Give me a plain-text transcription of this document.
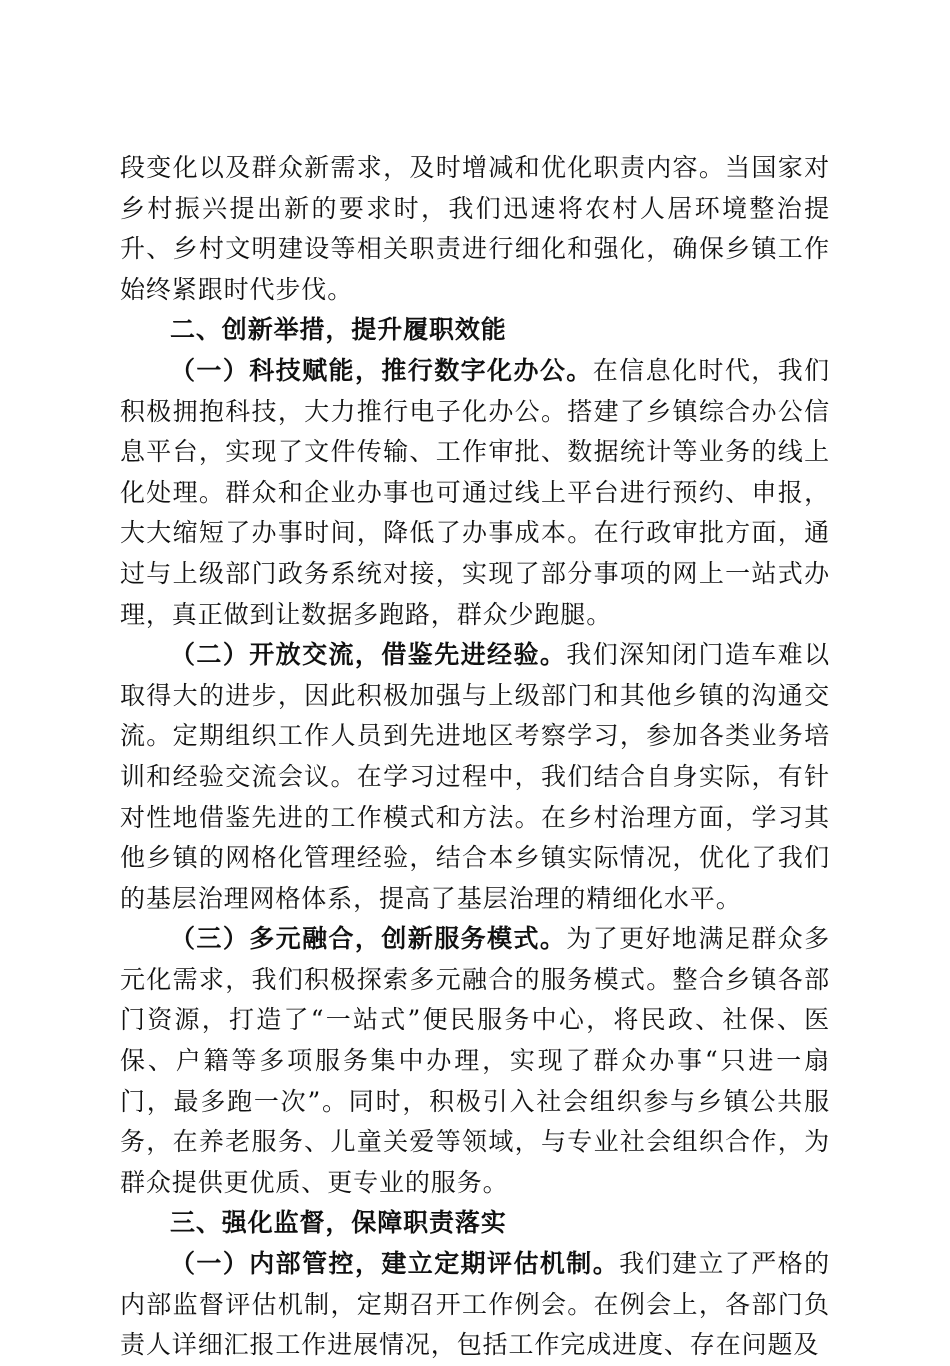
段变化以及群众新需求，及时增减和优化职责内容。当国家对乡村振兴提出新的要求时，我们迅速将农村人居环境整治提升、乡村文明建设等相关职责进行细化和强化，确保乡镇工作始终紧跟时代步伐。

二、创新举措，提升履职效能

（一）科技赋能，推行数字化办公。在信息化时代，我们积极拥抱科技，大力推行电子化办公。搭建了乡镇综合办公信息平台，实现了文件传输、工作审批、数据统计等业务的线上化处理。群众和企业办事也可通过线上平台进行预约、申报，大大缩短了办事时间，降低了办事成本。在行政审批方面，通过与上级部门政务系统对接，实现了部分事项的网上一站式办理，真正做到让数据多跑路，群众少跑腿。

（二）开放交流，借鉴先进经验。我们深知闭门造车难以取得大的进步，因此积极加强与上级部门和其他乡镇的沟通交流。定期组织工作人员到先进地区考察学习，参加各类业务培训和经验交流会议。在学习过程中，我们结合自身实际，有针对性地借鉴先进的工作模式和方法。在乡村治理方面，学习其他乡镇的网格化管理经验，结合本乡镇实际情况，优化了我们的基层治理网格体系，提高了基层治理的精细化水平。

（三）多元融合，创新服务模式。为了更好地满足群众多元化需求，我们积极探索多元融合的服务模式。整合乡镇各部门资源，打造了“一站式”便民服务中心，将民政、社保、医保、户籍等多项服务集中办理，实现了群众办事“只进一扇门，最多跑一次”。同时，积极引入社会组织参与乡镇公共服务，在养老服务、儿童关爱等领域，与专业社会组织合作，为群众提供更优质、更专业的服务。

三、强化监督，保障职责落实

（一）内部管控，建立定期评估机制。我们建立了严格的内部监督评估机制，定期召开工作例会。在例会上，各部门负责人详细汇报工作进展情况，包括工作完成进度、存在问题及
